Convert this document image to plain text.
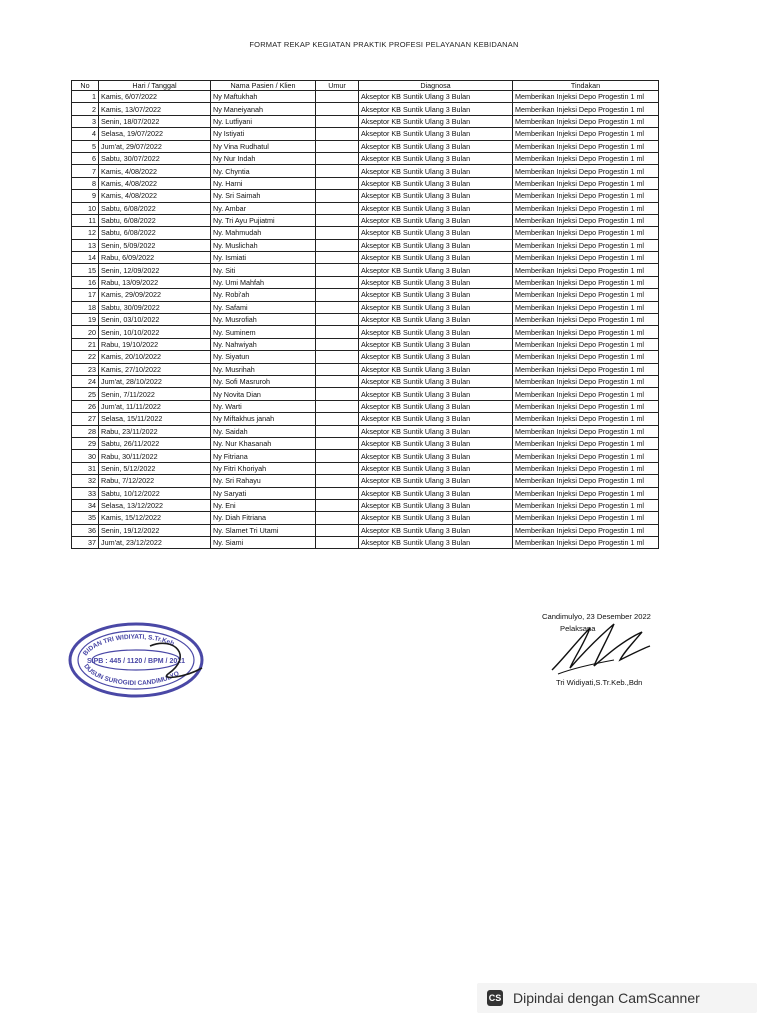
FORMAT REKAP KEGIATAN PRAKTIK PROFESI PELAYANAN KEBIDANAN
No	Hari / Tanggal	Nama Pasien / Klien	Umur	Diagnosa	Tindakan
1	Kamis, 6/07/2022	Ny Maftukhah		Akseptor KB Suntik Ulang 3 Bulan	Memberikan Injeksi Depo Progestin 1 ml
2	Kamis, 13/07/2022	Ny Maneiyanah		Akseptor KB Suntik Ulang 3 Bulan	Memberikan Injeksi Depo Progestin 1 ml
3	Senin, 18/07/2022	Ny. Lutfiyani		Akseptor KB Suntik Ulang 3 Bulan	Memberikan Injeksi Depo Progestin 1 ml
4	Selasa, 19/07/2022	Ny Istiyati		Akseptor KB Suntik Ulang 3 Bulan	Memberikan Injeksi Depo Progestin 1 ml
5	Jum'at, 29/07/2022	Ny Vina Rudhatul		Akseptor KB Suntik Ulang 3 Bulan	Memberikan Injeksi Depo Progestin 1 ml
6	Sabtu, 30/07/2022	Ny Nur Indah		Akseptor KB Suntik Ulang 3 Bulan	Memberikan Injeksi Depo Progestin 1 ml
7	Kamis, 4/08/2022	Ny. Chyntia		Akseptor KB Suntik Ulang 3 Bulan	Memberikan Injeksi Depo Progestin 1 ml
8	Kamis, 4/08/2022	Ny. Harni		Akseptor KB Suntik Ulang 3 Bulan	Memberikan Injeksi Depo Progestin 1 ml
9	Kamis, 4/08/2022	Ny. Sri Saimah		Akseptor KB Suntik Ulang 3 Bulan	Memberikan Injeksi Depo Progestin 1 ml
10	Sabtu, 6/08/2022	Ny. Ambar		Akseptor KB Suntik Ulang 3 Bulan	Memberikan Injeksi Depo Progestin 1 ml
11	Sabtu, 6/08/2022	Ny. Tri Ayu Pujiatmi		Akseptor KB Suntik Ulang 3 Bulan	Memberikan Injeksi Depo Progestin 1 ml
12	Sabtu, 6/08/2022	Ny. Mahmudah		Akseptor KB Suntik Ulang 3 Bulan	Memberikan Injeksi Depo Progestin 1 ml
13	Senin, 5/09/2022	Ny. Muslichah		Akseptor KB Suntik Ulang 3 Bulan	Memberikan Injeksi Depo Progestin 1 ml
14	Rabu, 6/09/2022	Ny. Ismiati		Akseptor KB Suntik Ulang 3 Bulan	Memberikan Injeksi Depo Progestin 1 ml
15	Senin, 12/09/2022	Ny. Siti		Akseptor KB Suntik Ulang 3 Bulan	Memberikan Injeksi Depo Progestin 1 ml
16	Rabu, 13/09/2022	Ny. Umi Mahfah		Akseptor KB Suntik Ulang 3 Bulan	Memberikan Injeksi Depo Progestin 1 ml
17	Kamis, 29/09/2022	Ny. Robi'ah		Akseptor KB Suntik Ulang 3 Bulan	Memberikan Injeksi Depo Progestin 1 ml
18	Sabtu, 30/09/2022	Ny. Safami		Akseptor KB Suntik Ulang 3 Bulan	Memberikan Injeksi Depo Progestin 1 ml
19	Senin, 03/10/2022	Ny. Musrofiah		Akseptor KB Suntik Ulang 3 Bulan	Memberikan Injeksi Depo Progestin 1 ml
20	Senin, 10/10/2022	Ny. Suminem		Akseptor KB Suntik Ulang 3 Bulan	Memberikan Injeksi Depo Progestin 1 ml
21	Rabu, 19/10/2022	Ny. Nahwiyah		Akseptor KB Suntik Ulang 3 Bulan	Memberikan Injeksi Depo Progestin 1 ml
22	Kamis, 20/10/2022	Ny. Siyatun		Akseptor KB Suntik Ulang 3 Bulan	Memberikan Injeksi Depo Progestin 1 ml
23	Kamis, 27/10/2022	Ny. Musrihah		Akseptor KB Suntik Ulang 3 Bulan	Memberikan Injeksi Depo Progestin 1 ml
24	Jum'at, 28/10/2022	Ny. Sofi Masruroh		Akseptor KB Suntik Ulang 3 Bulan	Memberikan Injeksi Depo Progestin 1 ml
25	Senin, 7/11/2022	Ny Novita Dian		Akseptor KB Suntik Ulang 3 Bulan	Memberikan Injeksi Depo Progestin 1 ml
26	Jum'at, 11/11/2022	Ny. Warti		Akseptor KB Suntik Ulang 3 Bulan	Memberikan Injeksi Depo Progestin 1 ml
27	Selasa, 15/11/2022	Ny Miftakhus janah		Akseptor KB Suntik Ulang 3 Bulan	Memberikan Injeksi Depo Progestin 1 ml
28	Rabu, 23/11/2022	Ny. Saidah		Akseptor KB Suntik Ulang 3 Bulan	Memberikan Injeksi Depo Progestin 1 ml
29	Sabtu, 26/11/2022	Ny. Nur Khasanah		Akseptor KB Suntik Ulang 3 Bulan	Memberikan Injeksi Depo Progestin 1 ml
30	Rabu, 30/11/2022	Ny Fitriana		Akseptor KB Suntik Ulang 3 Bulan	Memberikan Injeksi Depo Progestin 1 ml
31	Senin, 5/12/2022	Ny Fitri Khoriyah		Akseptor KB Suntik Ulang 3 Bulan	Memberikan Injeksi Depo Progestin 1 ml
32	Rabu, 7/12/2022	Ny. Sri Rahayu		Akseptor KB Suntik Ulang 3 Bulan	Memberikan Injeksi Depo Progestin 1 ml
33	Sabtu, 10/12/2022	Ny Saryati		Akseptor KB Suntik Ulang 3 Bulan	Memberikan Injeksi Depo Progestin 1 ml
34	Selasa, 13/12/2022	Ny. Eni		Akseptor KB Suntik Ulang 3 Bulan	Memberikan Injeksi Depo Progestin 1 ml
35	Kamis, 15/12/2022	Ny. Diah Fitriana		Akseptor KB Suntik Ulang 3 Bulan	Memberikan Injeksi Depo Progestin 1 ml
36	Senin, 19/12/2022	Ny. Slamet Tri Utami		Akseptor KB Suntik Ulang 3 Bulan	Memberikan Injeksi Depo Progestin 1 ml
37	Jum'at, 23/12/2022	Ny. Siami		Akseptor KB Suntik Ulang 3 Bulan	Memberikan Injeksi Depo Progestin 1 ml
SIPB : 445 / 1120 / BPM / 2021
BIDAN TRI WIDIYATI, S.Tr.Keb
DUSUN SUROGIDI CANDIMULYO
Candimulyo, 23 Desember 2022
Pelaksana
Tri Widiyati,S.Tr.Keb.,Bdn
CS Dipindai dengan CamScanner
